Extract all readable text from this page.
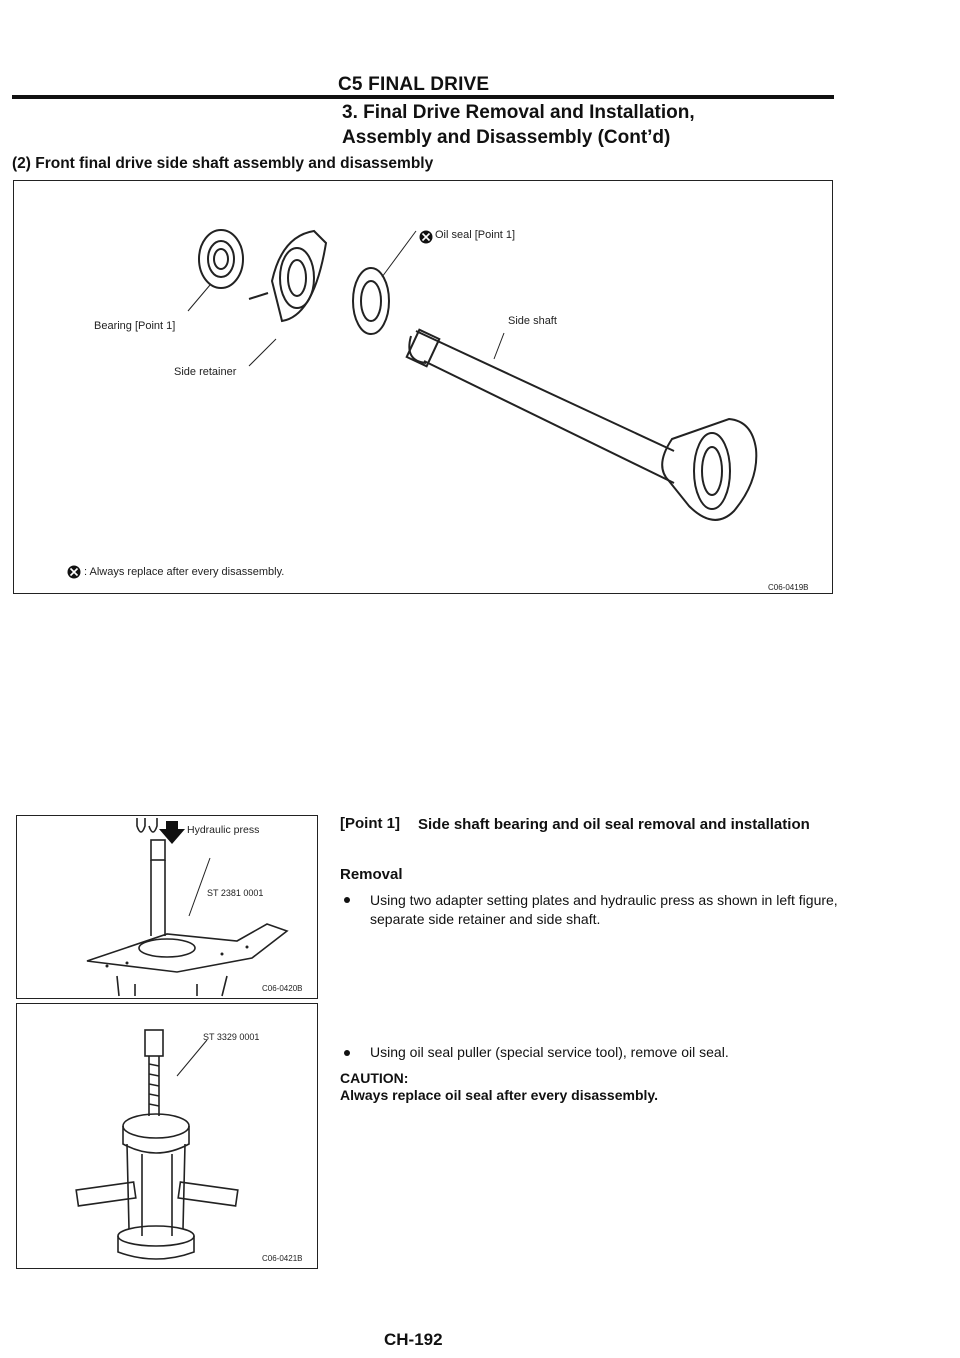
C5 FINAL DRIVE
3. Final Drive Removal and Installation,
Assembly and Disassembly (Cont’d)
(2) Front final drive side shaft assembly and disassembly
Oil seal [Point 1]
Bearing [Point 1]	Side shaft
Side retainer
: Always replace after every disassembly.
C06-0419B
Hydraulic press
ST 2381 0001
C06-0420B
ST 3329 0001
C06-0421B
[Point 1] Side shaft bearing and oil seal removal and installation
Removal
Using two adapter setting plates and hydraulic press as shown in left figure, separate side retainer and side shaft.
Using oil seal puller (special service tool), remove oil seal.
CAUTION:
Always replace oil seal after every disassembly.
CH-192
